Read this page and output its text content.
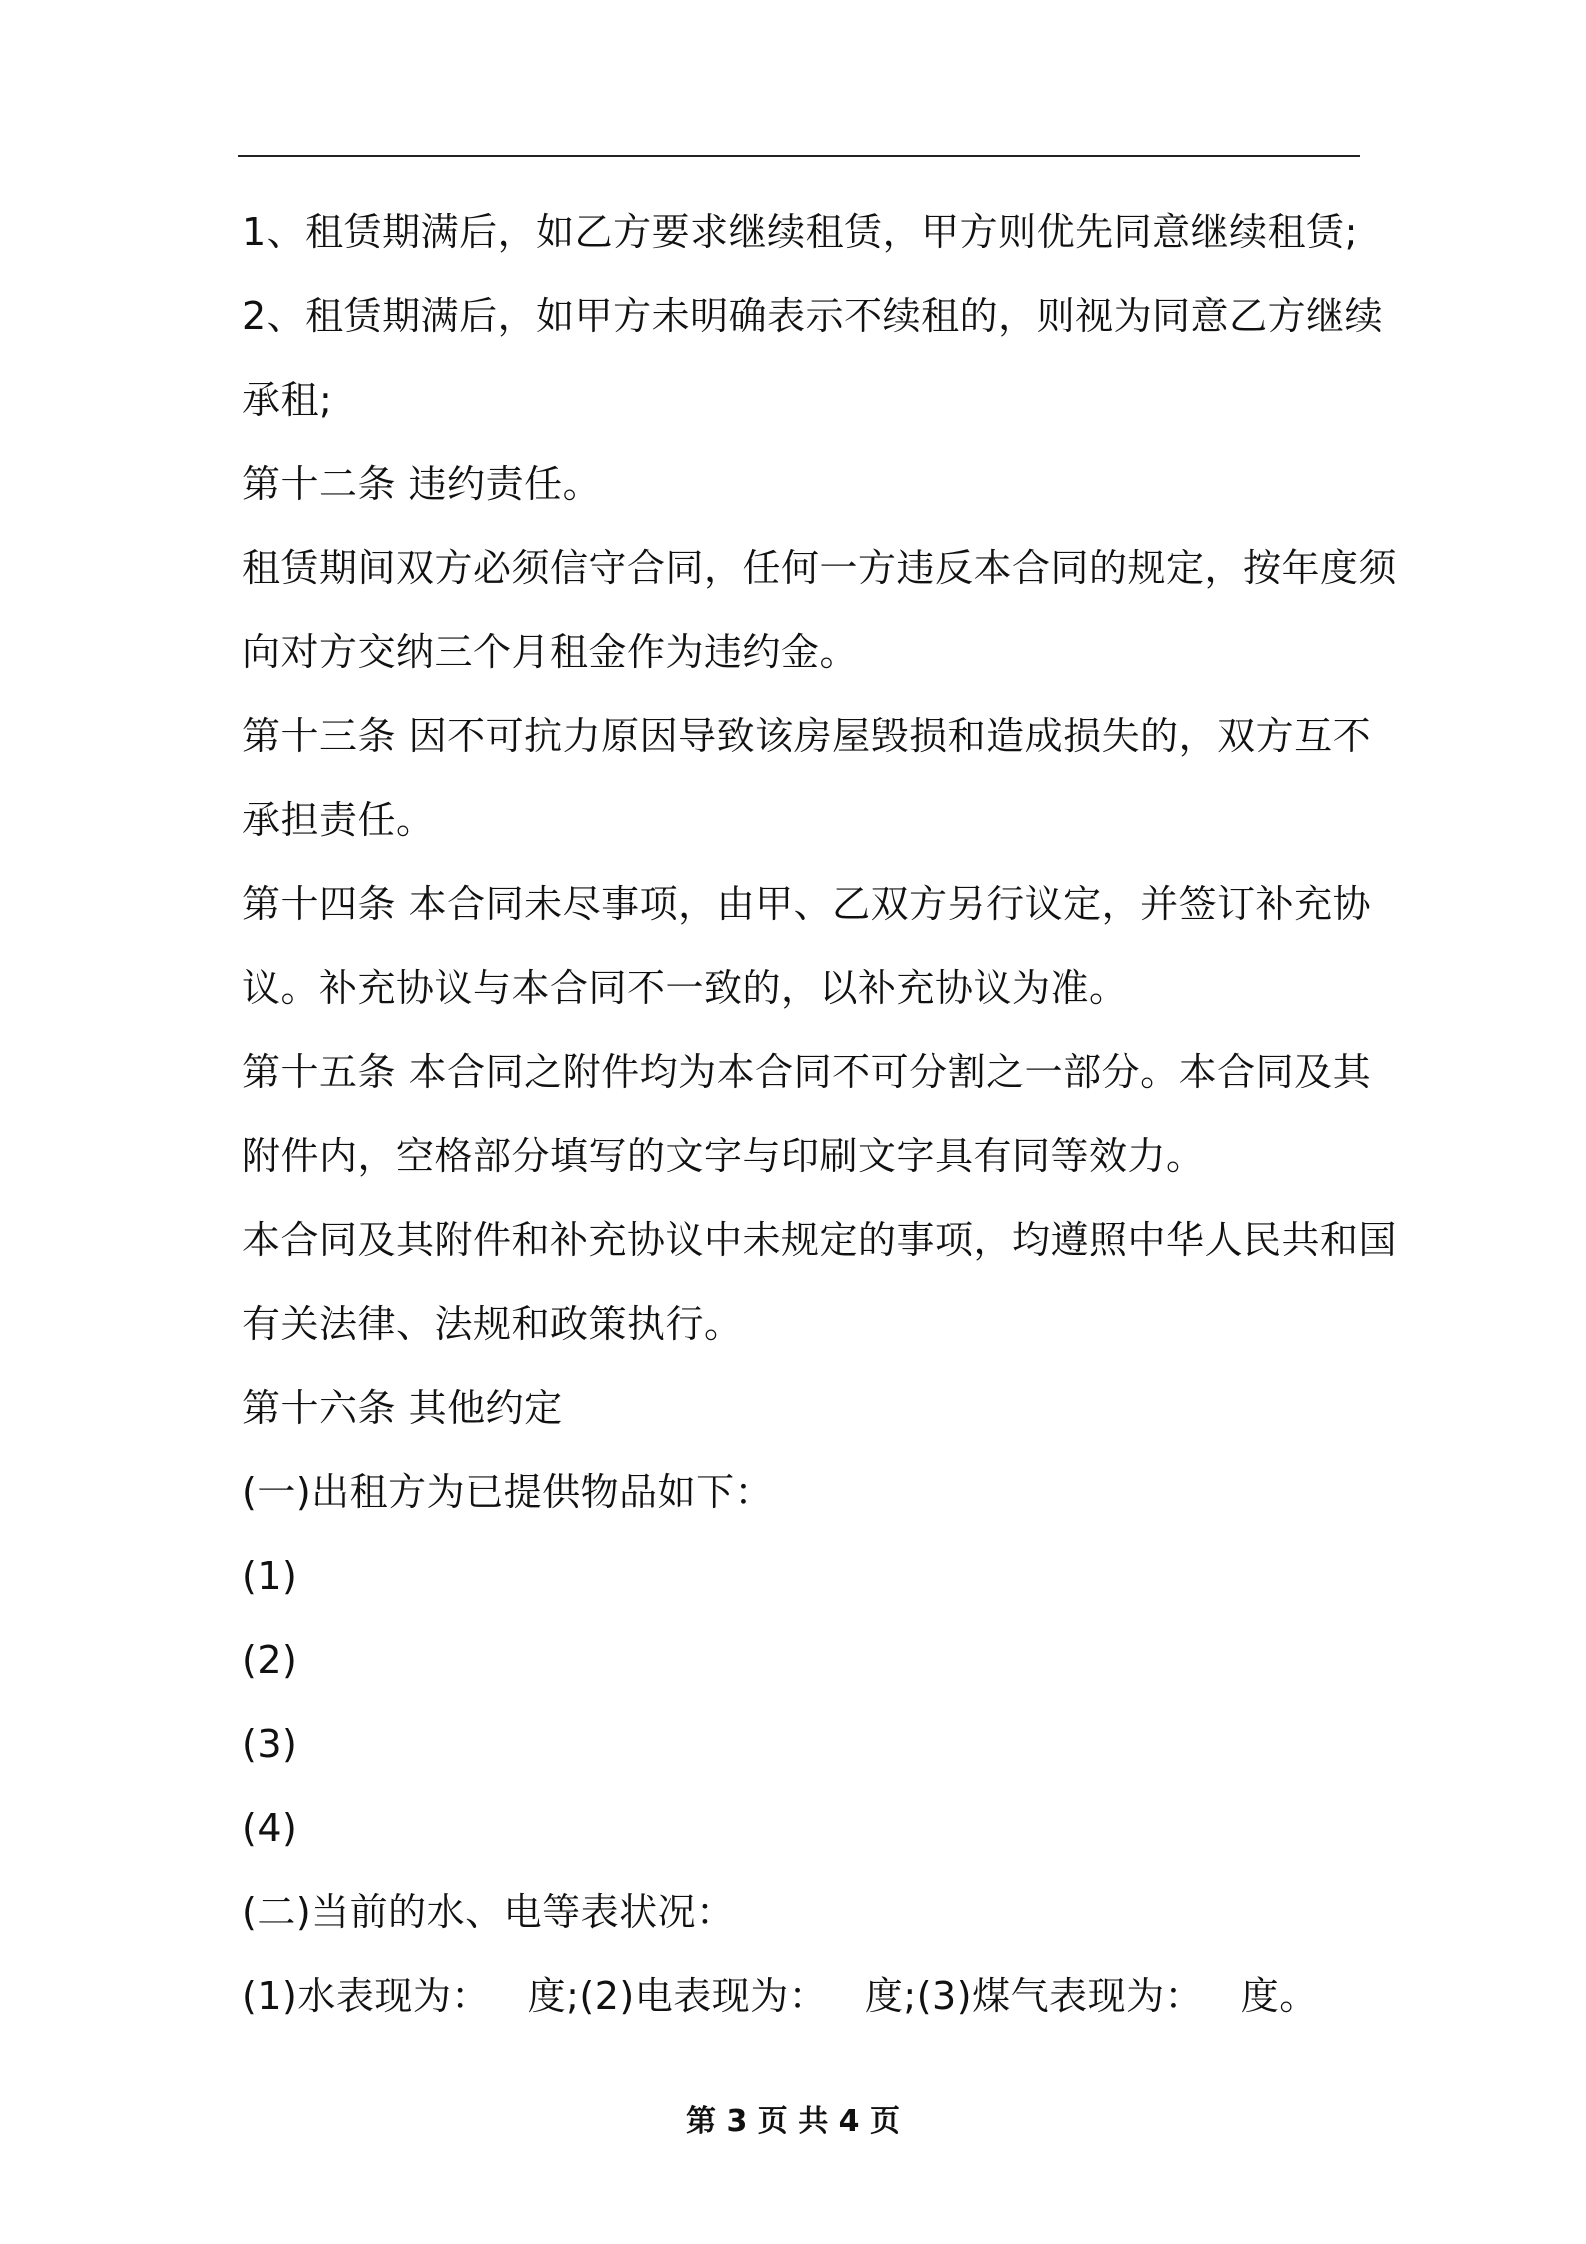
1、租赁期满后，如乙方要求继续租赁，甲方则优先同意继续租赁;
2、租赁期满后，如甲方未明确表示不续租的，则视为同意乙方继续
承租;
第十二条 违约责任。
租赁期间双方必须信守合同，任何一方违反本合同的规定，按年度须
向对方交纳三个月租金作为违约金。
第十三条 因不可抗力原因导致该房屋毁损和造成损失的，双方互不
承担责任。
第十四条 本合同未尽事项，由甲、乙双方另行议定，并签订补充协
议。补充协议与本合同不一致的，以补充协议为准。
第十五条 本合同之附件均为本合同不可分割之一部分。本合同及其
附件内，空格部分填写的文字与印刷文字具有同等效力。
本合同及其附件和补充协议中未规定的事项，均遵照中华人民共和国
有关法律、法规和政策执行。
第十六条 其他约定
(一)出租方为已提供物品如下：
(1)
(2)
(3)
(4)
(二)当前的水、电等表状况：
(1)水表现为：   度;(2)电表现为：   度;(3)煤气表现为：   度。
第 3 页 共 4 页
